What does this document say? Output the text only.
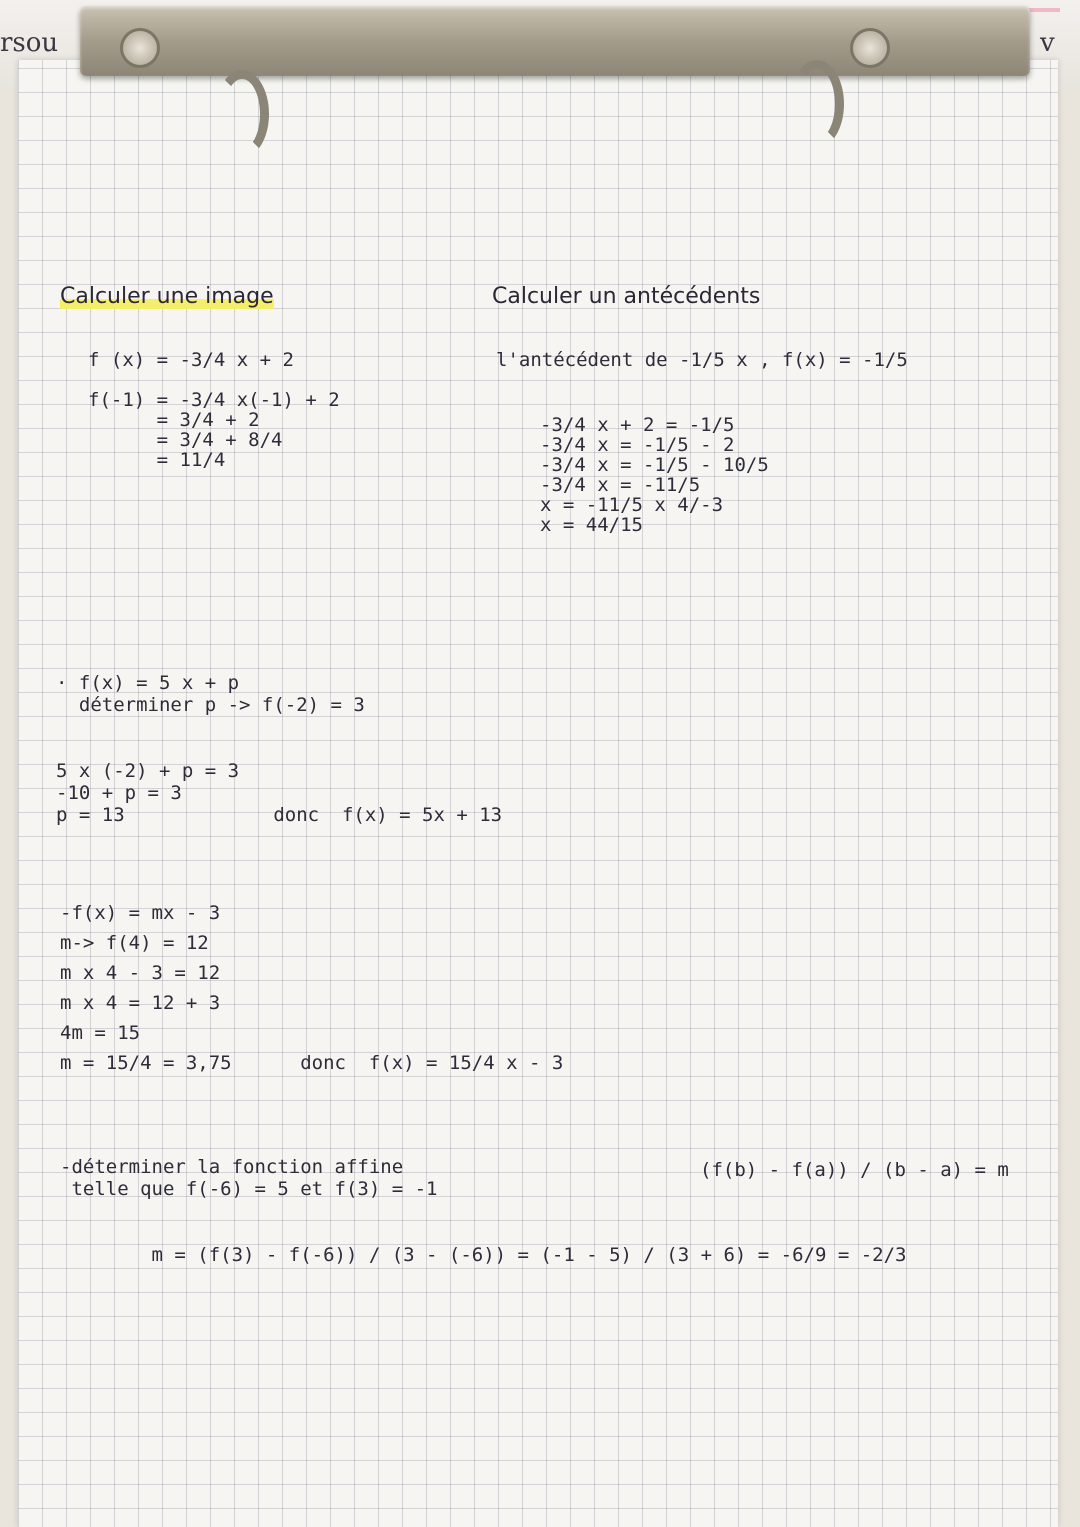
rsou	v
Calculer une image
f (x) = -3/4 x + 2

f(-1) = -3/4 x(-1) + 2
= 3/4 + 2
= 3/4 + 8/4
= 11/4
Calculer un antécédents
l'antécédent de -1/5 x , f(x) = -1/5
-3/4 x + 2 = -1/5
-3/4 x = -1/5 - 2
-3/4 x = -1/5 - 10/5
-3/4 x = -11/5
x = -11/5 x 4/-3
x = 44/15
· f(x) = 5 x + p
déterminer p -> f(-2) = 3

5 x (-2) + p = 3
-10 + p = 3
p = 13             donc  f(x) = 5x + 13
-f(x) = mx - 3
m-> f(4) = 12
m x 4 - 3 = 12
m x 4 = 12 + 3
4m = 15
m = 15/4 = 3,75      donc  f(x) = 15/4 x - 3
-déterminer la fonction affine
telle que f(-6) = 5 et f(3) = -1

m = (f(3) - f(-6)) / (3 - (-6)) = (-1 - 5) / (3 + 6) = -6/9 = -2/3
(f(b) - f(a)) / (b - a) = m
